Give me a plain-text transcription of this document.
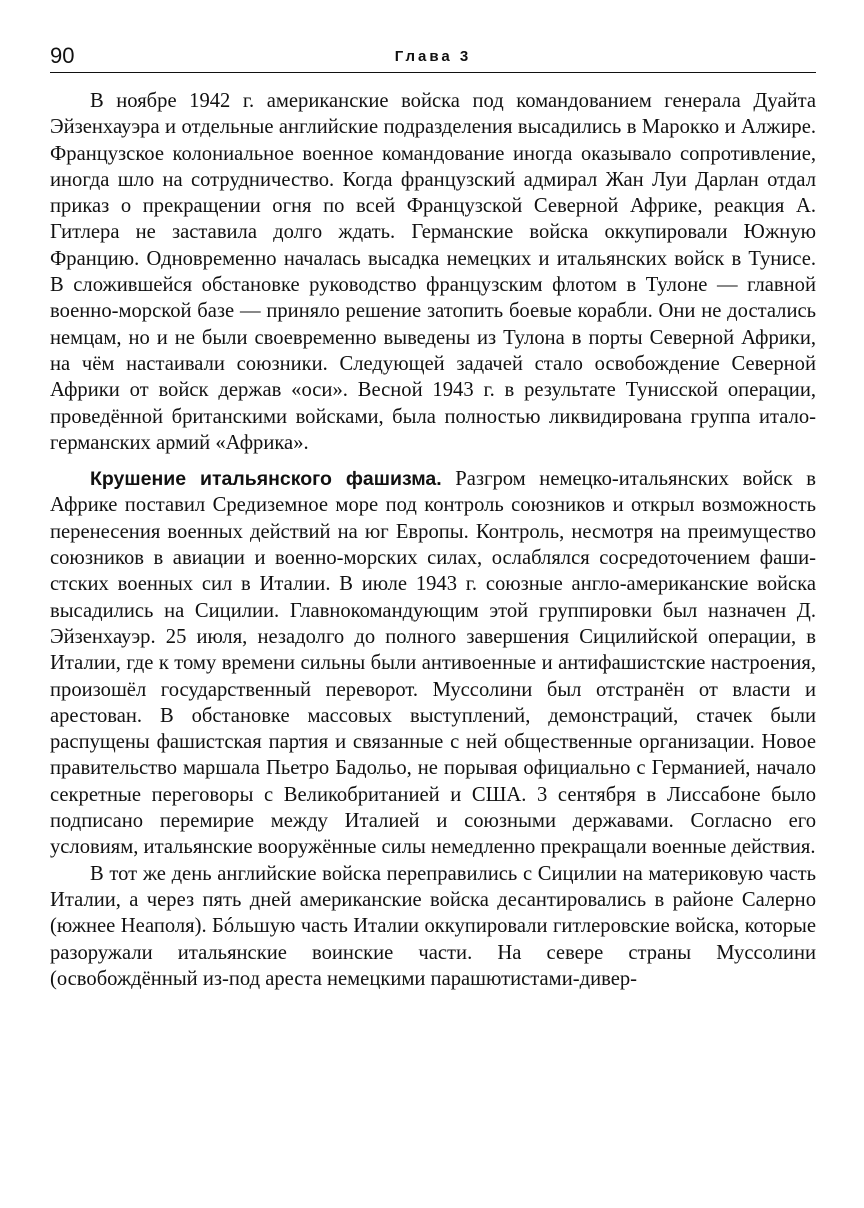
90	Глава 3

В ноябре 1942 г. американские войска под командованием генерала Дуайта Эйзенхауэра и отдельные английские подразделения высадились в Марокко и Алжире. Французское колониальное военное командование иногда оказывало сопротивление, иногда шло на сотрудничество. Когда французский адмирал Жан Луи Дарлан отдал приказ о прекращении огня по всей Французской Северной Африке, реакция А. Гитлера не заставила долго ждать. Германские войска оккупировали Южную Францию. Одновременно началась высадка немецких и итальянских войск в Тунисе. В сложившейся обстановке руководство французским флотом в Тулоне — главной военно-морской базе — приняло решение затопить боевые корабли. Они не достались немцам, но и не были своевременно выведены из Тулона в порты Северной Африки, на чём настаивали союзники. Следующей задачей стало освобождение Северной Африки от войск держав «оси». Весной 1943 г. в результате Тунисской операции, проведённой британскими войсками, была полностью ликвидирована группа итало-германских армий «Африка».

Крушение итальянского фашизма. Разгром немецко-итальянских войск в Африке поставил Средиземное море под контроль союзников и открыл возможность перенесения военных действий на юг Европы. Контроль, несмотря на преимущество союзников в авиации и военно-морских силах, ослаблялся сосредоточением фашистских военных сил в Италии. В июле 1943 г. союзные англо-американские войска высадились на Сицилии. Главнокомандующим этой группировки был назначен Д. Эйзенхауэр. 25 июля, незадолго до полного завершения Сицилийской операции, в Италии, где к тому времени сильны были антивоенные и антифашистские настроения, произошёл государственный переворот. Муссолини был отстранён от власти и арестован. В обстановке массовых выступлений, демонстраций, стачек были распущены фашистская партия и связанные с ней общественные организации. Новое правительство маршала Пьетро Бадольо, не порывая официально с Германией, начало секретные переговоры с Великобританией и США. 3 сентября в Лиссабоне было подписано перемирие между Италией и союзными державами. Согласно его условиям, итальянские вооружённые силы немедленно прекращали военные действия.

В тот же день английские войска переправились с Сицилии на материковую часть Италии, а через пять дней американские войска десантировались в районе Салерно (южнее Неаполя). Бóльшую часть Италии оккупировали гитлеровские войска, которые разоружали итальянские воинские части. На севере страны Муссолини (освобождённый из-под ареста немецкими парашютистами-дивер-
